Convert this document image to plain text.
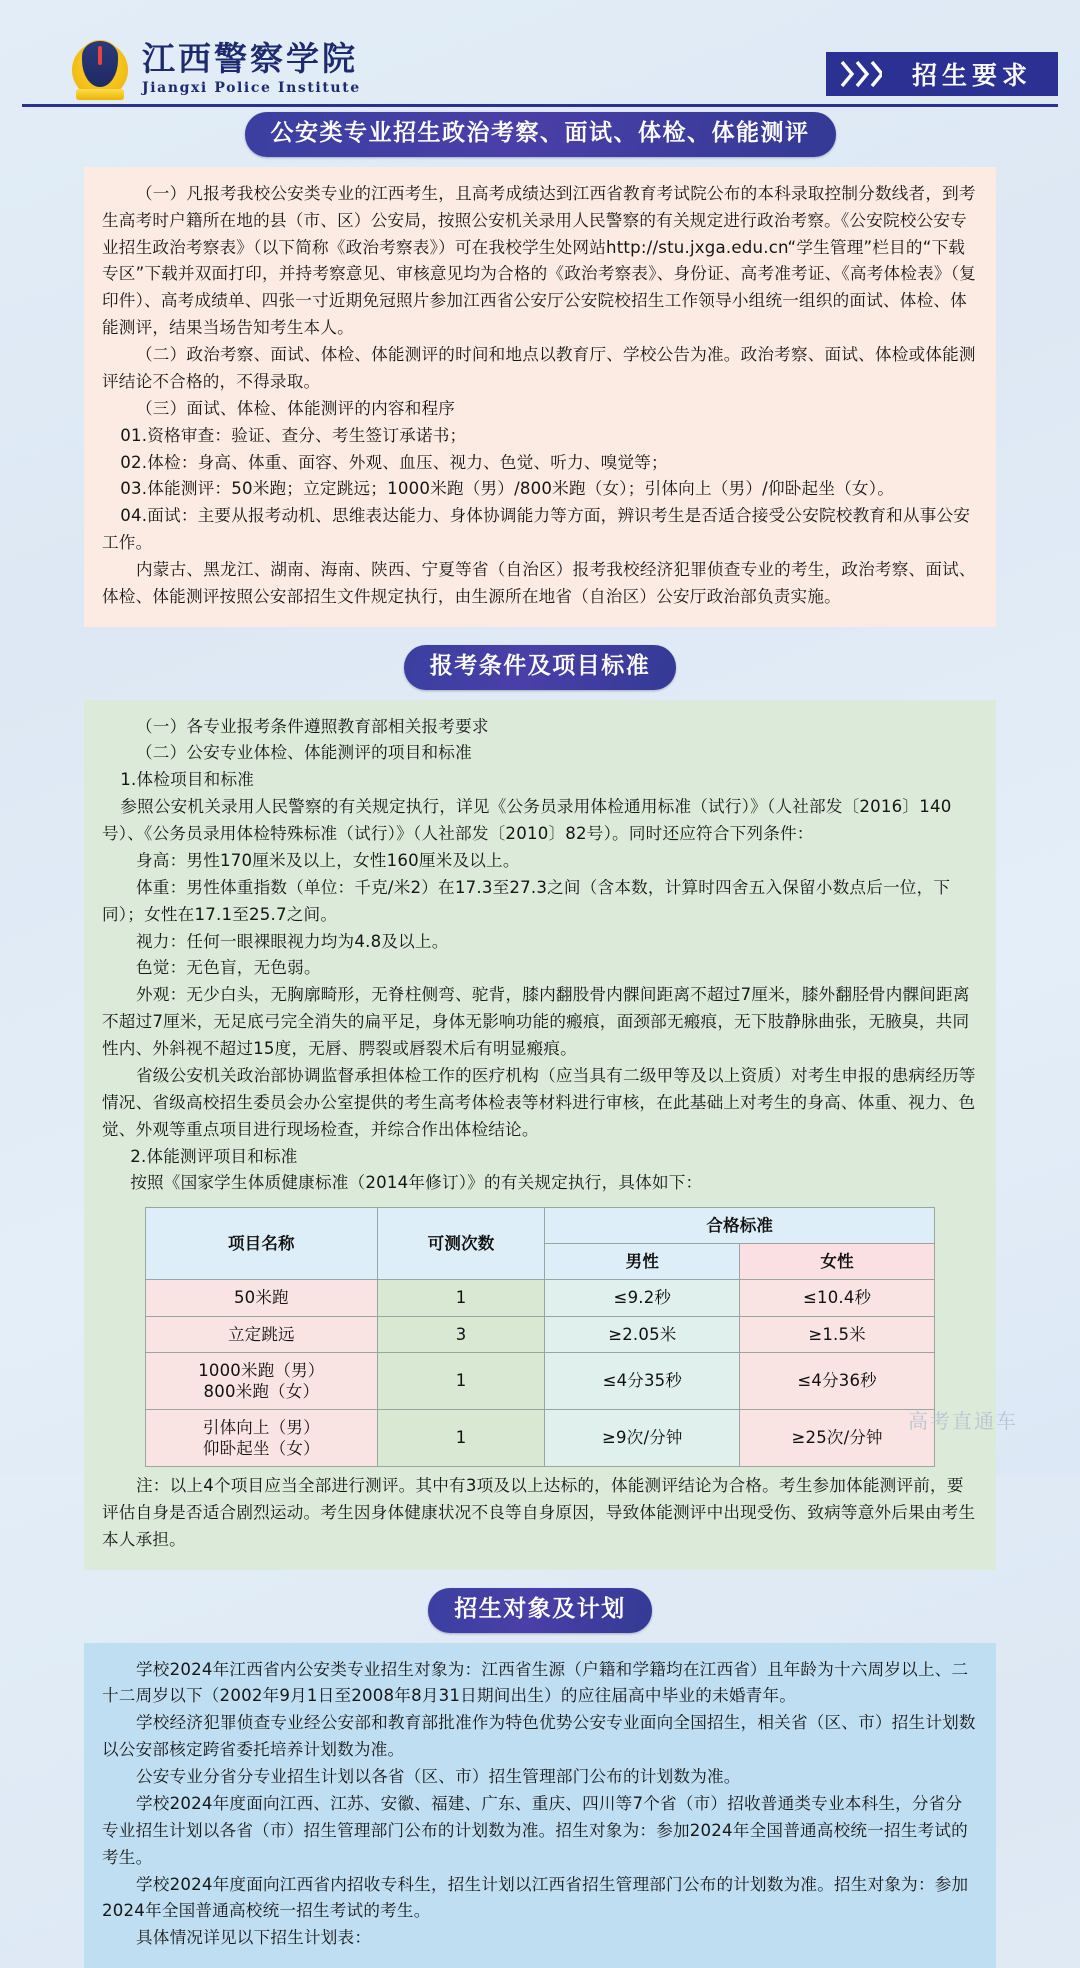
江西警察学院
Jiangxi Police Institute	招生要求
公安类专业招生政治考察、面试、体检、体能测评

（一）凡报考我校公安类专业的江西考生，且高考成绩达到江西省教育考试院公布的本科录取控制分数线者，到考生高考时户籍所在地的县（市、区）公安局，按照公安机关录用人民警察的有关规定进行政治考察。《公安院校公安专业招生政治考察表》（以下简称《政治考察表》）可在我校学生处网站http://stu.jxga.edu.cn“学生管理”栏目的“下载专区”下载并双面打印，并持考察意见、审核意见均为合格的《政治考察表》、身份证、高考准考证、《高考体检表》（复印件）、高考成绩单、四张一寸近期免冠照片参加江西省公安厅公安院校招生工作领导小组统一组织的面试、体检、体能测评，结果当场告知考生本人。

（二）政治考察、面试、体检、体能测评的时间和地点以教育厅、学校公告为准。政治考察、面试、体检或体能测评结论不合格的，不得录取。

（三）面试、体检、体能测评的内容和程序

01.资格审查：验证、查分、考生签订承诺书；

02.体检：身高、体重、面容、外观、血压、视力、色觉、听力、嗅觉等；

03.体能测评：50米跑；立定跳远；1000米跑（男）/800米跑（女）；引体向上（男）/仰卧起坐（女）。

04.面试：主要从报考动机、思维表达能力、身体协调能力等方面，辨识考生是否适合接受公安院校教育和从事公安工作。

内蒙古、黑龙江、湖南、海南、陕西、宁夏等省（自治区）报考我校经济犯罪侦查专业的考生，政治考察、面试、体检、体能测评按照公安部招生文件规定执行，由生源所在地省（自治区）公安厅政治部负责实施。

报考条件及项目标准

（一）各专业报考条件遵照教育部相关报考要求

（二）公安专业体检、体能测评的项目和标准

1.体检项目和标准

参照公安机关录用人民警察的有关规定执行，详见《公务员录用体检通用标准（试行）》（人社部发〔2016〕140号）、《公务员录用体检特殊标准（试行）》（人社部发〔2010〕82号）。同时还应符合下列条件：

身高：男性170厘米及以上，女性160厘米及以上。

体重：男性体重指数（单位：千克/米2）在17.3至27.3之间（含本数，计算时四舍五入保留小数点后一位，下同）；女性在17.1至25.7之间。

视力：任何一眼裸眼视力均为4.8及以上。

色觉：无色盲，无色弱。

外观：无少白头，无胸廓畸形，无脊柱侧弯、驼背，膝内翻股骨内髁间距离不超过7厘米，膝外翻胫骨内髁间距离不超过7厘米，无足底弓完全消失的扁平足，身体无影响功能的瘢痕，面颈部无瘢痕，无下肢静脉曲张，无腋臭，共同性内、外斜视不超过15度，无唇、腭裂或唇裂术后有明显瘢痕。

省级公安机关政治部协调监督承担体检工作的医疗机构（应当具有二级甲等及以上资质）对考生申报的患病经历等情况、省级高校招生委员会办公室提供的考生高考体检表等材料进行审核，在此基础上对考生的身高、体重、视力、色觉、外观等重点项目进行现场检查，并综合作出体检结论。

2.体能测评项目和标准

按照《国家学生体质健康标准（2014年修订）》的有关规定执行，具体如下：

项目名称	可测次数	合格标准	
		男性	女性
50米跑	1	≤9.2秒	≤10.4秒
立定跳远	3	≥2.05米	≥1.5米
1000米跑（男）
800米跑（女）	1	≤4分35秒	≤4分36秒
引体向上（男）
仰卧起坐（女）	1	≥9次/分钟	≥25次/分钟

注：以上4个项目应当全部进行测评。其中有3项及以上达标的，体能测评结论为合格。考生参加体能测评前，要评估自身是否适合剧烈运动。考生因身体健康状况不良等自身原因，导致体能测评中出现受伤、致病等意外后果由考生本人承担。

招生对象及计划

学校2024年江西省内公安类专业招生对象为：江西省生源（户籍和学籍均在江西省）且年龄为十六周岁以上、二十二周岁以下（2002年9月1日至2008年8月31日期间出生）的应往届高中毕业的未婚青年。

学校经济犯罪侦查专业经公安部和教育部批准作为特色优势公安专业面向全国招生，相关省（区、市）招生计划数以公安部核定跨省委托培养计划数为准。

公安专业分省分专业招生计划以各省（区、市）招生管理部门公布的计划数为准。

学校2024年度面向江西、江苏、安徽、福建、广东、重庆、四川等7个省（市）招收普通类专业本科生，分省分专业招生计划以各省（市）招生管理部门公布的计划数为准。招生对象为：参加2024年全国普通高校统一招生考试的考生。

学校2024年度面向江西省内招收专科生，招生计划以江西省招生管理部门公布的计划数为准。招生对象为：参加2024年全国普通高校统一招生考试的考生。

具体情况详见以下招生计划表：

高考直通车
